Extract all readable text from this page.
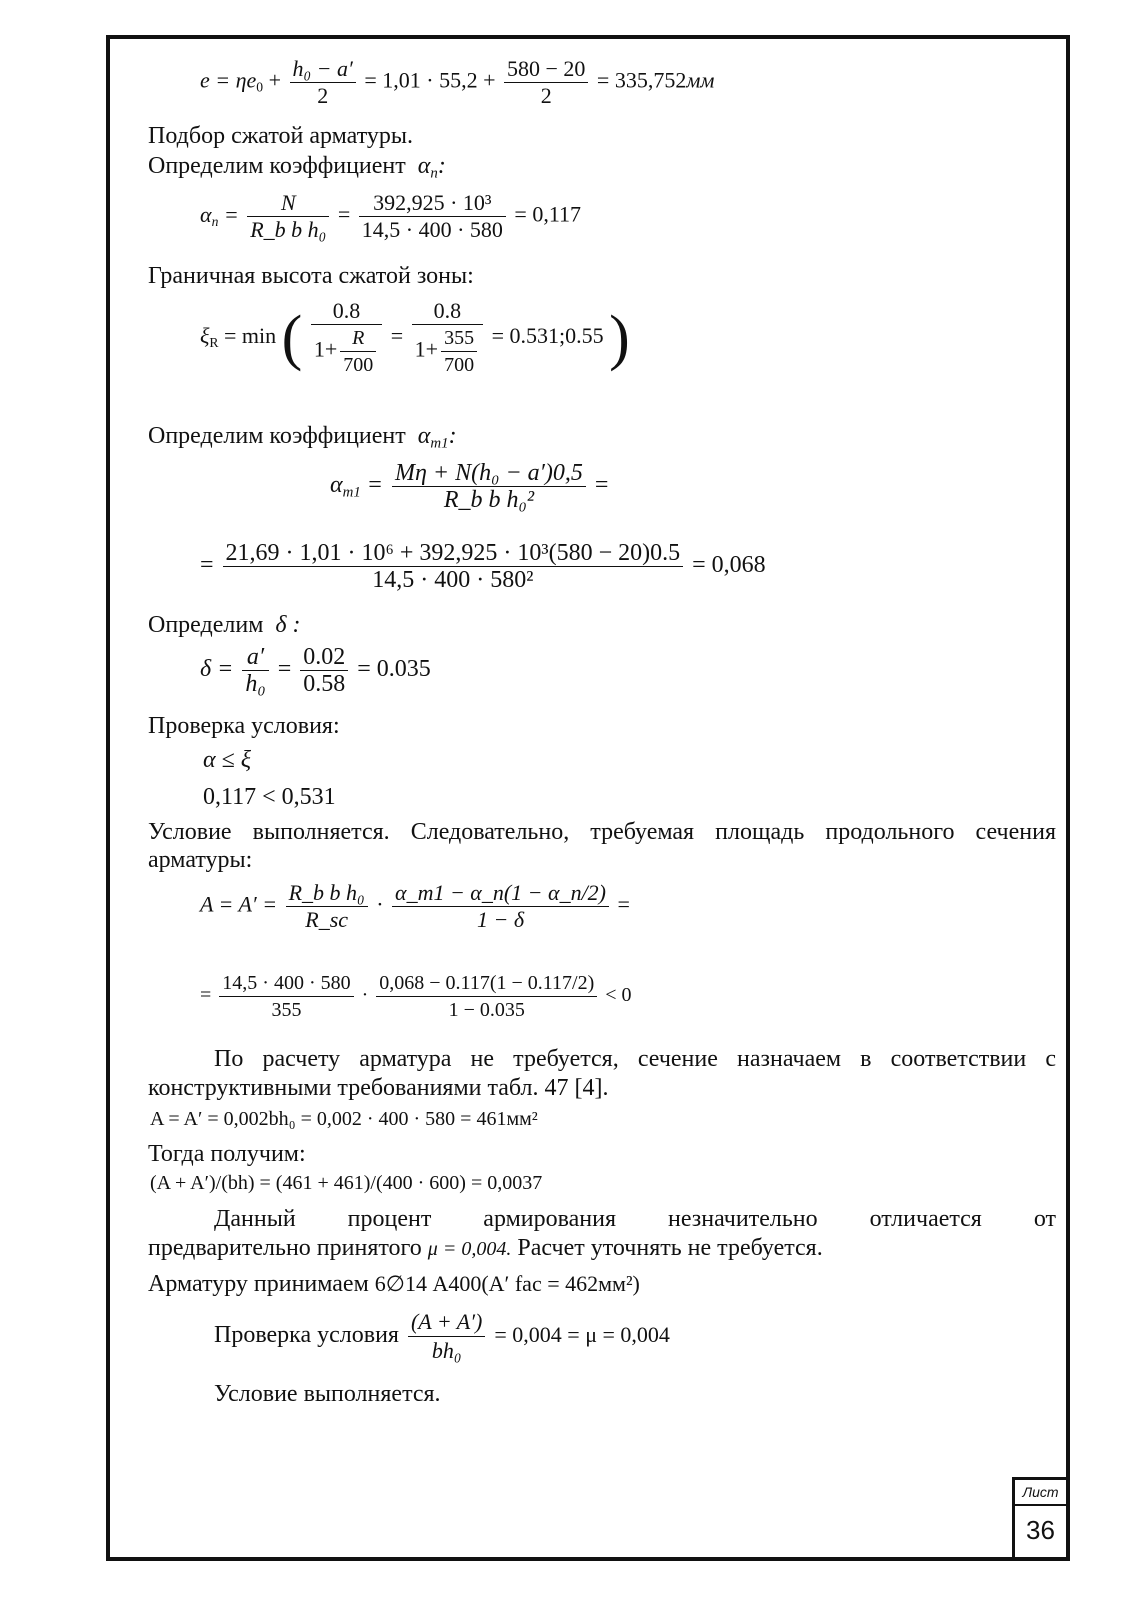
Лист
36
$e = \eta e_0 + \frac{\text{h₀ − a′}}{2} = 1,01 \cdot 55,2 + \frac{580 - 20}{2} = 335,752мм$
Подбор сжатой арматуры.
Определим коэффициент  $\alpha_n$:
$\alpha_n = \frac{N}{\text{R\_b b h₀}} = \frac{\text{392,925 · 10³}}{14,5 \cdot 400 \cdot 580} = 0,117$
Граничная высота сжатой зоны:
$\xi_R = \min$ ( $\frac{0.8}{1+ \frac{R}{700}} = \frac{0.8}{1+ \frac{355}{700}}$ = 0.531;0.55 )
Определим коэффициент  $\alpha_{m1}$:
$\alpha_{m1} = \frac{\text{Mη + N(h₀ − a′)0,5}}{\text{R\_b b h₀²}}$ =
= $\frac{\text{21,69 · 1,01 · 10⁶ + 392,925 · 10³(580 − 20)0.5}}{\text{14,5 · 400 · 580²}} = 0,068$
Определим  δ :
$\delta = \frac{a'}{\text{h₀}} = \frac{0.02}{0.58} = 0.035$
Проверка условия:
α ≤ ξ
0,117 < 0,531
Условие выполняется. Следовательно, требуемая площадь продольного сечения
арматуры:
$A = A' = \frac{\text{R\_b b h₀}}{R\_sc} \cdot \frac{\alpha\_m1 - \alpha\_n(1 - \alpha\_n/2)}{1 - \delta}$ =
= $\frac{14,5 \cdot 400 \cdot 580}{355} \cdot \frac{0,068 - 0.117(1 - 0.117/2)}{1 - 0.035} < 0$
По расчету арматура не требуется, сечение назначаем в соответствии с
конструктивными требованиями табл. 47 [4].
A = A′ = 0,002bh₀ = 0,002 · 400 · 580 = 461мм²
Тогда получим:
(A + A′)/(bh) = (461 + 461)/(400 · 600) = 0,0037
Данный процент армирования незначительно отличается от
предварительно принятого μ = 0,004. Расчет уточнять не требуется.
Арматуру принимаем 6∅14 A400(A′ fac = 462мм²)
Проверка условия $\frac{(A + A')}{\text{bh₀}} = 0,004 = \mu = 0,004$
Условие выполняется.
